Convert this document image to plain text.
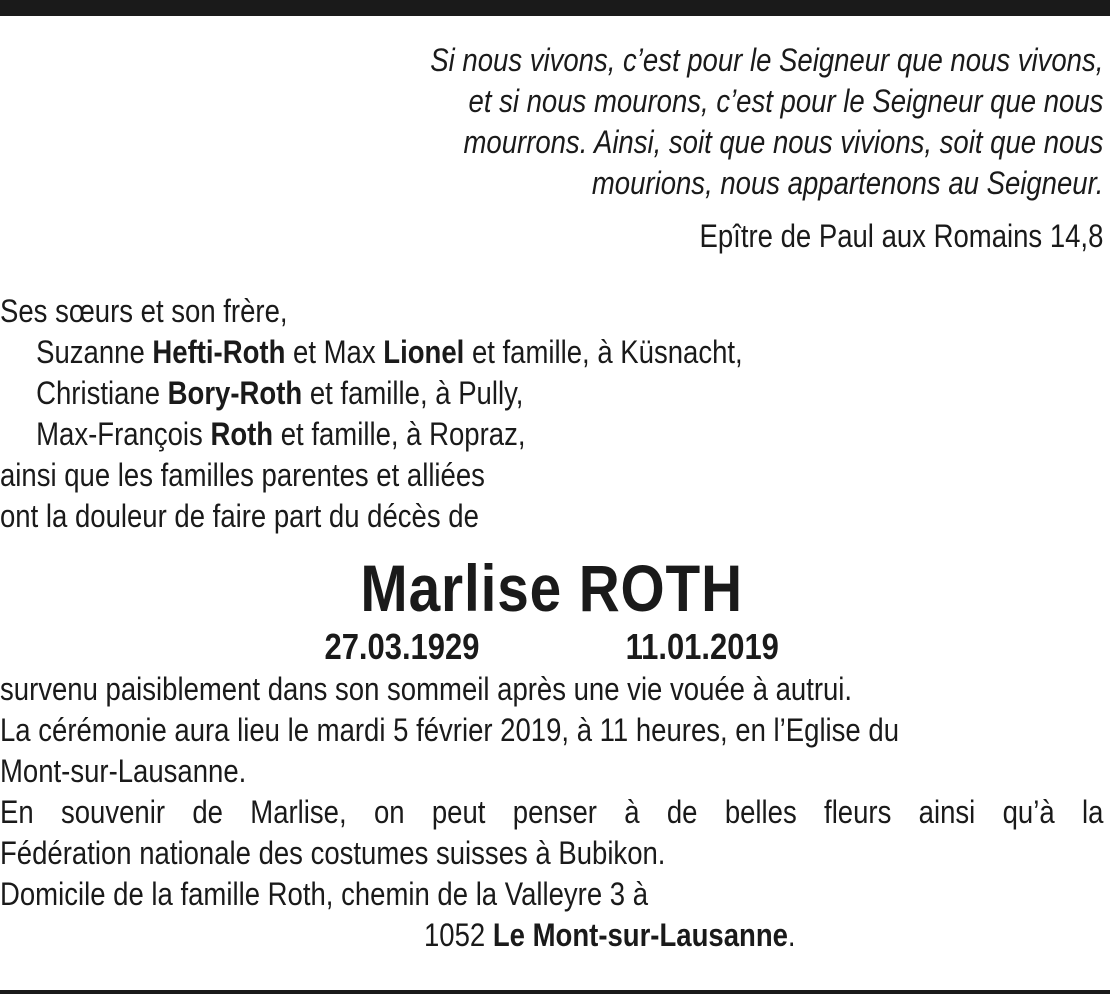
Si nous vivons, c’est pour le Seigneur que nous vivons,
et si nous mourons, c’est pour le Seigneur que nous
mourrons. Ainsi, soit que nous vivions, soit que nous
mourions, nous appartenons au Seigneur.

Epître de Paul aux Romains 14,8

Ses sœurs et son frère,
Suzanne Hefti-Roth et Max Lionel et famille, à Küsnacht,
Christiane Bory-Roth et famille, à Pully,
Max-François Roth et famille, à Ropraz,
ainsi que les familles parentes et alliées
ont la douleur de faire part du décès de

Marlise ROTH

27.03.1929	11.01.2019

survenu paisiblement dans son sommeil après une vie vouée à autrui.
La cérémonie aura lieu le mardi 5 février 2019, à 11 heures, en l’Eglise du
Mont-sur-Lausanne.
En souvenir de Marlise, on peut penser à de belles fleurs ainsi qu’à la
Fédération nationale des costumes suisses à Bubikon.
Domicile de la famille Roth, chemin de la Valleyre 3 à
1052 Le Mont-sur-Lausanne.
